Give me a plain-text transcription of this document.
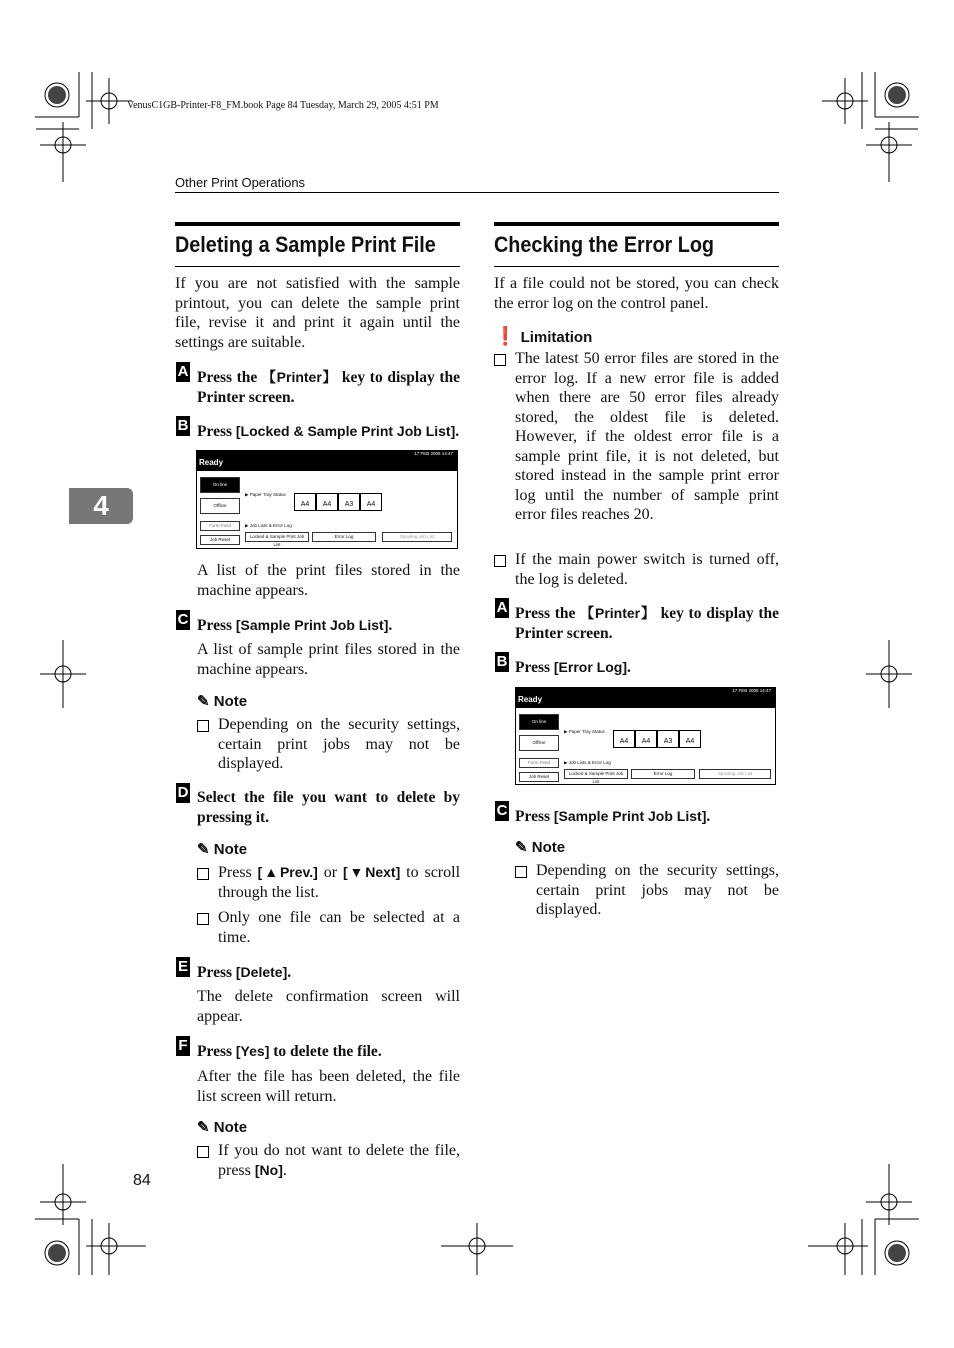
VenusC1GB-Printer-F8_FM.book Page 84 Tuesday, March 29, 2005 4:51 PM
Other Print Operations
4
84
Deleting a Sample Print File
If you are not satisfied with the sample printout, you can delete the sample print file, revise it and print it again until the settings are suitable.
A Press the 【Printer】 key to display the Printer screen.
B Press [Locked & Sample Print Job List].
Ready
17 FEB 2005 14:47
On line
Offline
Form Feed
Job Reset
▶ Paper Tray Status
A4	A4	A3	A4
▶ Job Lists & Error Log
Locked & Sample Print Job List
Error Log	Spooling Job List
A list of the print files stored in the machine appears.
C Press [Sample Print Job List].
A list of sample print files stored in the machine appears.
✎ Note
Depending on the security settings, certain print jobs may not be displayed.
D Select the file you want to delete by pressing it.
✎ Note
Press [▲Prev.] or [▼Next] to scroll through the list.
Only one file can be selected at a time.
E Press [Delete].
The delete confirmation screen will appear.
F Press [Yes] to delete the file.
After the file has been deleted, the file list screen will return.
✎ Note
If you do not want to delete the file, press [No].
Checking the Error Log
If a file could not be stored, you can check the error log on the control panel.
❗ Limitation
The latest 50 error files are stored in the error log. If a new error file is added when there are 50 error files already stored, the oldest file is deleted. However, if the oldest error file is a sample print file, it is not deleted, but stored instead in the sample print error log until the number of sample print error files reaches 20.
If the main power switch is turned off, the log is deleted.
A Press the 【Printer】 key to display the Printer screen.
B Press [Error Log].
Ready
17 FEB 2005 14:47
On line
Offline
Form Feed
Job Reset
▶ Paper Tray Status
A4	A4	A3	A4
▶ Job Lists & Error Log
Locked & Sample Print Job List
Error Log	Spooling Job List
C Press [Sample Print Job List].
✎ Note
Depending on the security settings, certain print jobs may not be displayed.
